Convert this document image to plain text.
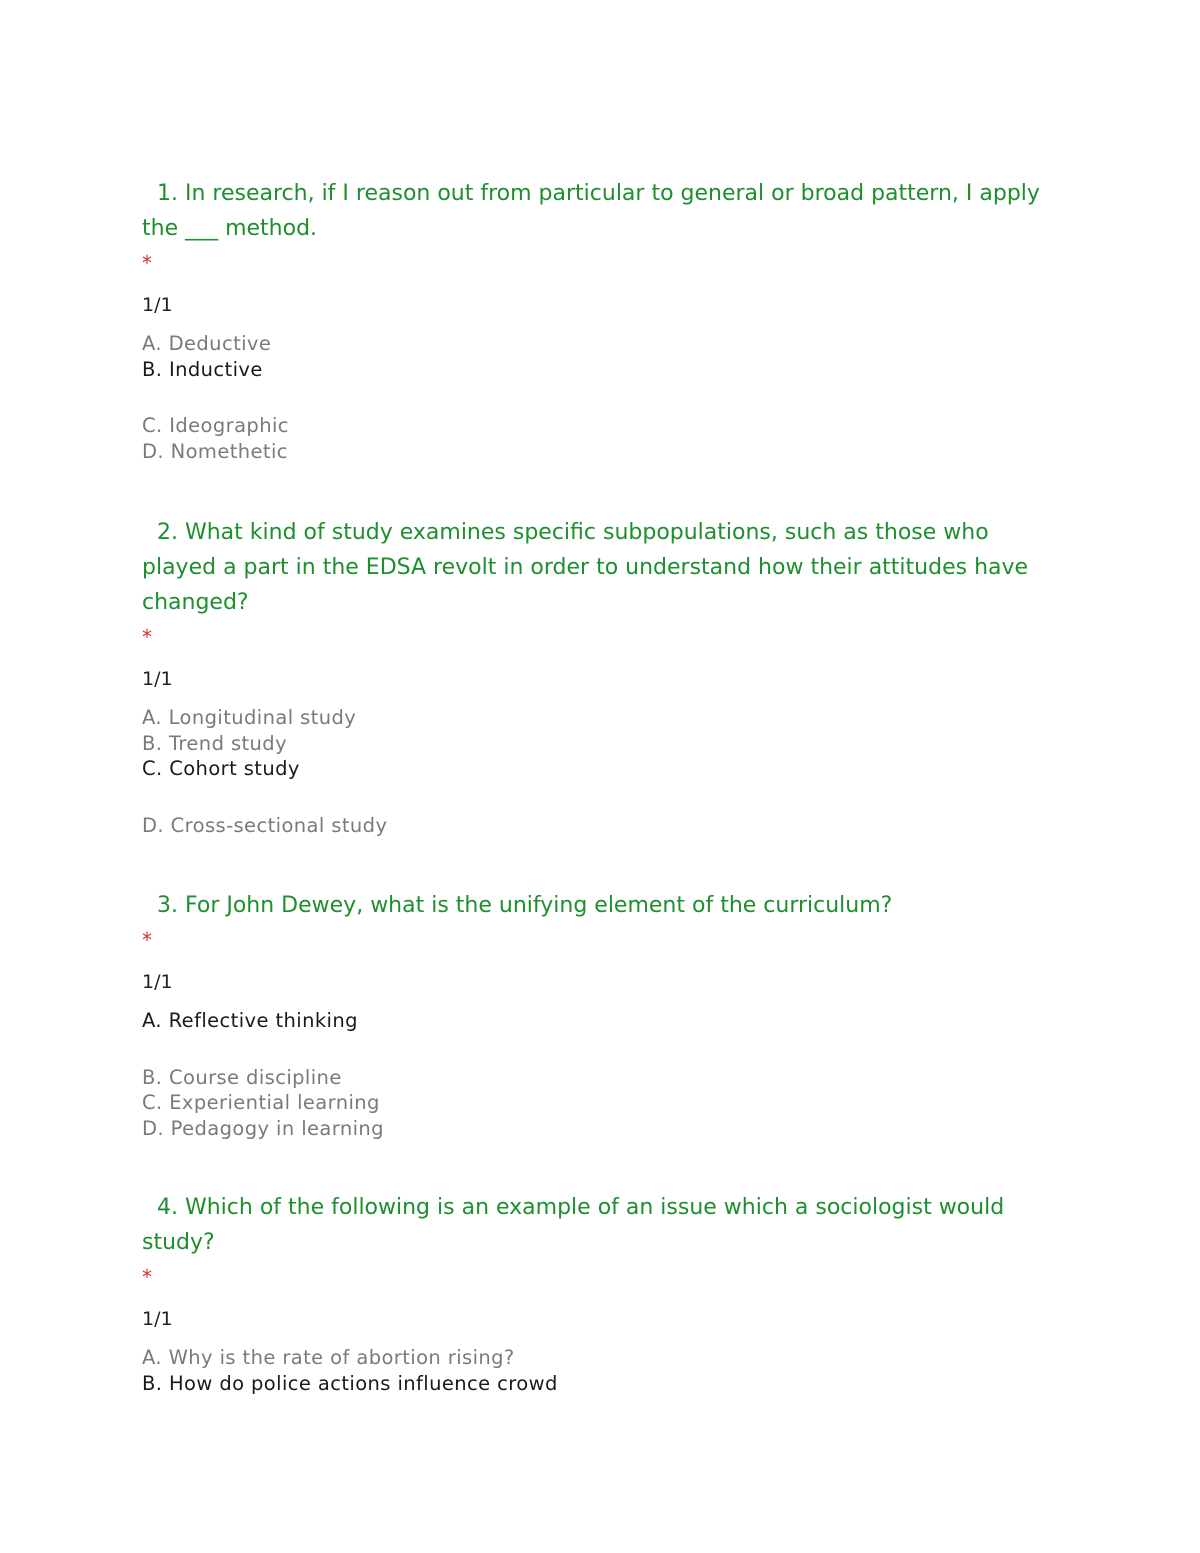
1. In research, if I reason out from particular to general or broad pattern, I apply the ___ method.

*
1/1
A. Deductive
B. Inductive
C. Ideographic
D. Nomethetic

2. What kind of study examines specific subpopulations, such as those who played a part in the EDSA revolt in order to understand how their attitudes have changed?

*
1/1
A. Longitudinal study
B. Trend study
C. Cohort study
D. Cross-sectional study

3. For John Dewey, what is the unifying element of the curriculum?

*
1/1
A. Reflective thinking
B. Course discipline
C. Experiential learning
D. Pedagogy in learning

4. Which of the following is an example of an issue which a sociologist would study?

*
1/1
A. Why is the rate of abortion rising?
B. How do police actions influence crowd
